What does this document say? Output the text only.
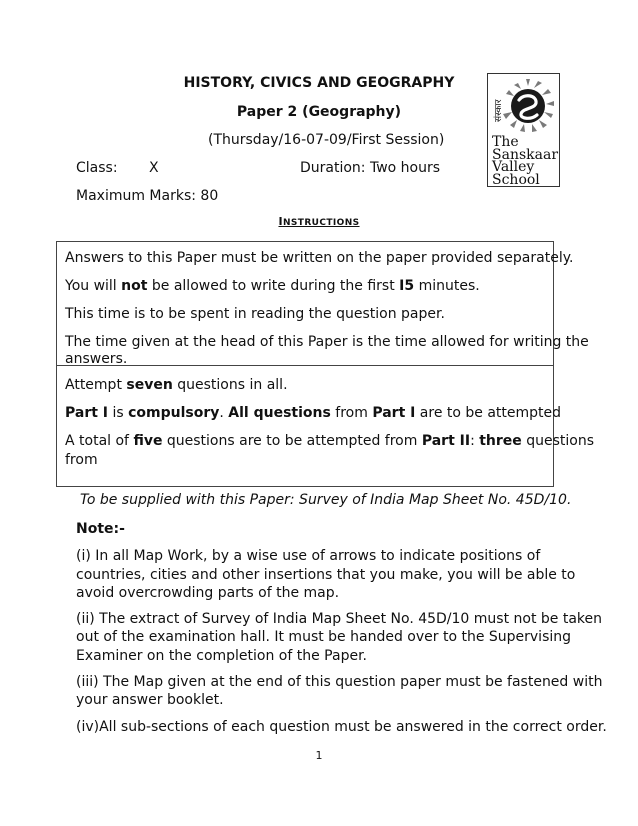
HISTORY, CIVICS AND GEOGRAPHY
Paper 2 (Geography)
(Thursday/16-07-09/First Session)
Class: X	Duration: Two hours
Maximum Marks: 80
संस्कार
The
Sanskaar
Valley
School
INSTRUCTIONS
Answers to this Paper must be written on the paper provided separately.
You will not be allowed to write during the first I5 minutes.
This time is to be spent in reading the question paper.
The time given at the head of this Paper is the time allowed for writing the
answers.
Attempt seven questions in all.
Part I is compulsory. All questions from Part I are to be attempted
A total of five questions are to be attempted from Part II: three questions
from
To be supplied with this Paper: Survey of India Map Sheet No. 45D/10.
Note:-
(i) In all Map Work, by a wise use of arrows to indicate positions of
countries, cities and other insertions that you make, you will be able to
avoid overcrowding parts of the map.
(ii) The extract of Survey of India Map Sheet No. 45D/10 must not be taken
out of the examination hall. It must be handed over to the Supervising
Examiner on the completion of the Paper.
(iii) The Map given at the end of this question paper must be fastened with
your answer booklet.
(iv)All sub-sections of each question must be answered in the correct order.
1
